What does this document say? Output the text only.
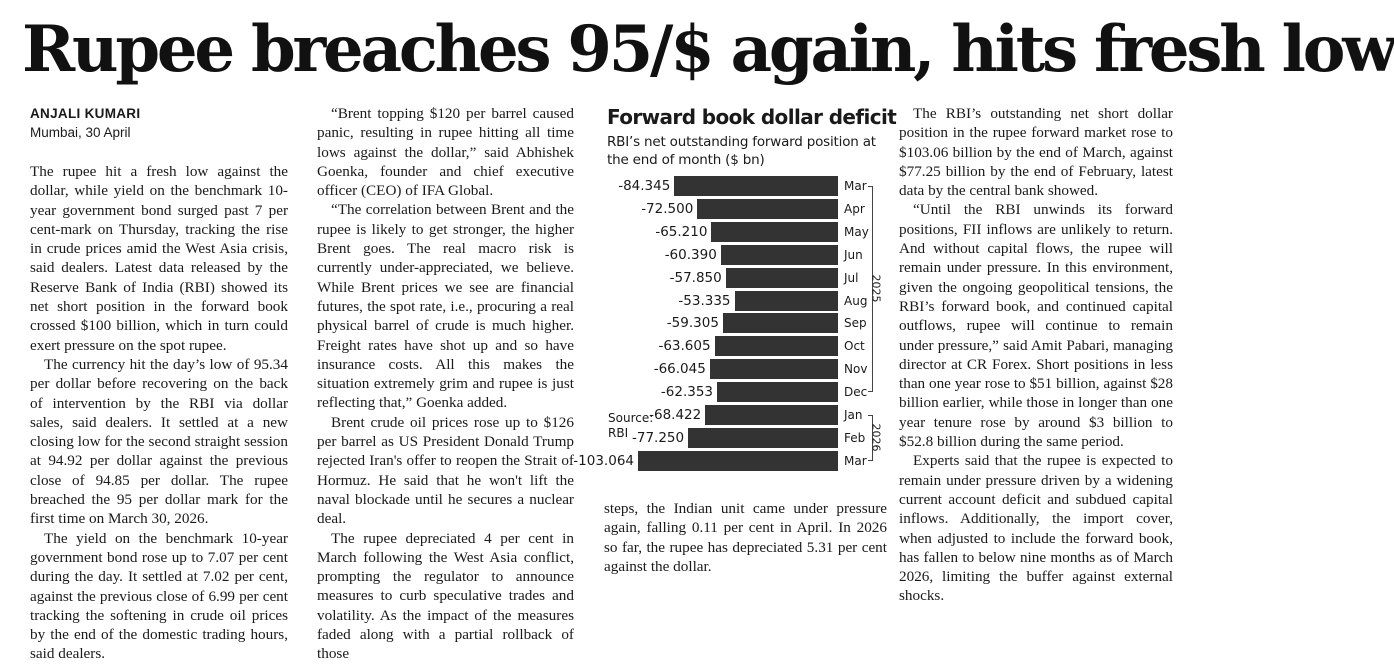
Rupee breaches 95/$ again, hits fresh low
ANJALI KUMARI
Mumbai, 30 April

The rupee hit a fresh low against the dollar, while yield on the benchmark 10-year government bond surged past 7 per cent-mark on Thursday, tracking the rise in crude prices amid the West Asia crisis, said dealers. Latest data released by the Reserve Bank of India (RBI) showed its net short position in the forward book crossed $100 billion, which in turn could exert pressure on the spot rupee.

The currency hit the day’s low of 95.34 per dollar before recovering on the back of intervention by the RBI via dollar sales, said dealers. It settled at a new closing low for the second straight session at 94.92 per dollar against the previous close of 94.85 per dollar. The rupee breached the 95 per dollar mark for the first time on March 30, 2026.

The yield on the benchmark 10-year government bond rose up to 7.07 per cent during the day. It settled at 7.02 per cent, against the previous close of 6.99 per cent tracking the softening in crude oil prices by the end of the domestic trading hours, said dealers.

“Brent topping $120 per barrel caused panic, resulting in rupee hitting all time lows against the dollar,” said Abhishek Goenka, founder and chief executive officer (CEO) of IFA Global.

“The correlation between Brent and the rupee is likely to get stronger, the higher Brent goes. The real macro risk is currently under-appreciated, we believe. While Brent prices we see are financial futures, the spot rate, i.e., procuring a real physical barrel of crude is much higher. Freight rates have shot up and so have insurance costs. All this makes the situation extremely grim and rupee is just reflecting that,” Goenka added.

Brent crude oil prices rose up to $126 per barrel as US President Donald Trump rejected Iran's offer to reopen the Strait of Hormuz. He said that he won't lift the naval blockade until he secures a nuclear deal.

The rupee depreciated 4 per cent in March following the West Asia conflict, prompting the regulator to announce measures to curb speculative trades and volatility. As the impact of the measures faded along with a partial rollback of those

Forward book dollar deficit
RBI’s net outstanding forward position at the end of month ($ bn)
-84.345	Mar
-72.500	Apr
-65.210	May
-60.390	Jun
-57.850	Jul
-53.335	Aug
-59.305	Sep
-63.605	Oct
-66.045	Nov
-62.353	Dec
-68.422	Jan
-77.250	Feb
-103.064	Mar
2025
2026
Source: RBI
steps, the Indian unit came under pressure again, falling 0.11 per cent in April. In 2026 so far, the rupee has depreciated 5.31 per cent against the dollar.

The RBI’s outstanding net short dollar position in the rupee forward market rose to $103.06 billion by the end of March, against $77.25 billion by the end of February, latest data by the central bank showed.

“Until the RBI unwinds its forward positions, FII inflows are unlikely to return. And without capital flows, the rupee will remain under pressure. In this environment, given the ongoing geopolitical tensions, the RBI’s forward book, and continued capital outflows, rupee will continue to remain under pressure,” said Amit Pabari, managing director at CR Forex. Short positions in less than one year rose to $51 billion, against $28 billion earlier, while those in longer than one year tenure rose by around $3 billion to $52.8 billion during the same period.

Experts said that the rupee is expected to remain under pressure driven by a widening current account deficit and subdued capital inflows. Additionally, the import cover, when adjusted to include the forward book, has fallen to below nine months as of March 2026, limiting the buffer against external shocks.
